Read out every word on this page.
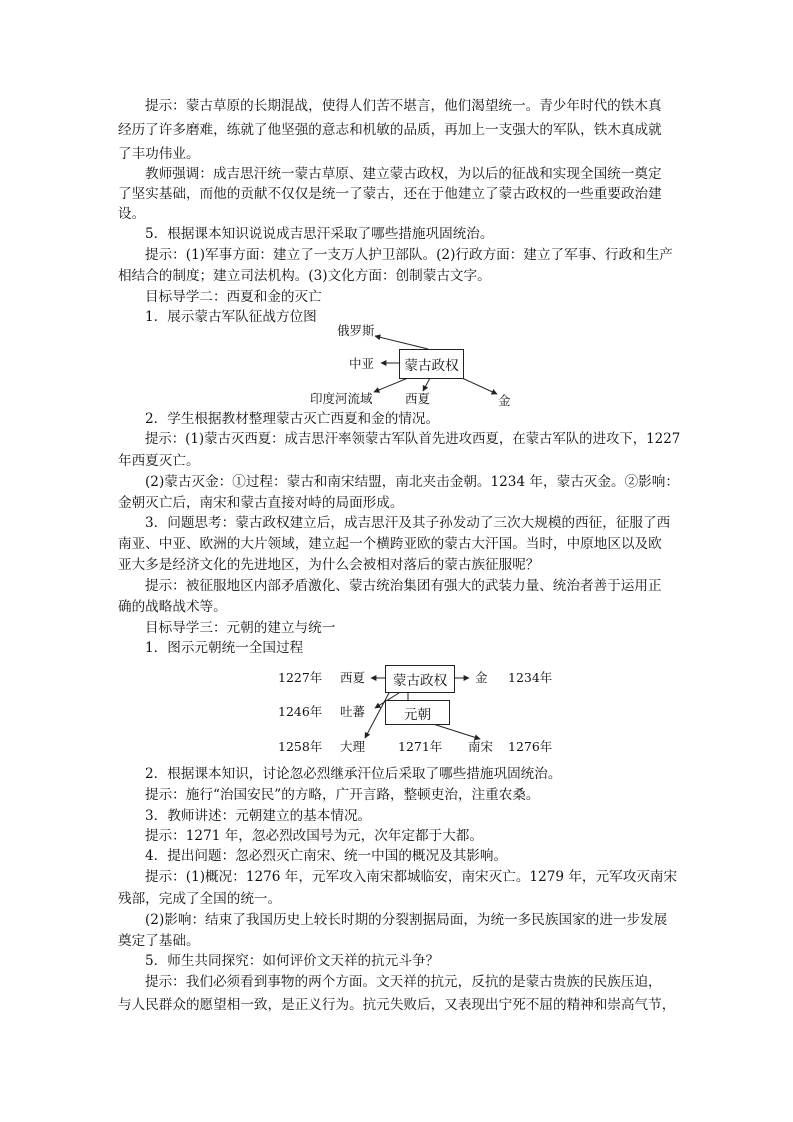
提示：蒙古草原的长期混战，使得人们苦不堪言，他们渴望统一。青少年时代的铁木真
经历了许多磨难，练就了他坚强的意志和机敏的品质，再加上一支强大的军队，铁木真成就
了丰功伟业。
教师强调：成吉思汗统一蒙古草原、建立蒙古政权，为以后的征战和实现全国统一奠定
了坚实基础，而他的贡献不仅仅是统一了蒙古，还在于他建立了蒙古政权的一些重要政治建
设。
5．根据课本知识说说成吉思汗采取了哪些措施巩固统治。
提示：(1)军事方面：建立了一支万人护卫部队。(2)行政方面：建立了军事、行政和生产
相结合的制度；建立司法机构。(3)文化方面：创制蒙古文字。
目标导学二：西夏和金的灭亡
1．展示蒙古军队征战方位图
俄罗斯
中亚	蒙古政权
印度河流域	西夏	金
2．学生根据教材整理蒙古灭亡西夏和金的情况。
提示：(1)蒙古灭西夏：成吉思汗率领蒙古军队首先进攻西夏，在蒙古军队的进攻下，1227
年西夏灭亡。
(2)蒙古灭金：①过程：蒙古和南宋结盟，南北夹击金朝。1234 年，蒙古灭金。②影响：
金朝灭亡后，南宋和蒙古直接对峙的局面形成。
3．问题思考：蒙古政权建立后，成吉思汗及其子孙发动了三次大规模的西征，征服了西
南亚、中亚、欧洲的大片领域，建立起一个横跨亚欧的蒙古大汗国。当时，中原地区以及欧
亚大多是经济文化的先进地区，为什么会被相对落后的蒙古族征服呢？
提示：被征服地区内部矛盾激化、蒙古统治集团有强大的武装力量、统治者善于运用正
确的战略战术等。
目标导学三：元朝的建立与统一
1．图示元朝统一全国过程
1227年 西夏	蒙古政权	金 1234年
1246年 吐蕃	元朝
1258年 大理	1271年 南宋 1276年
2．根据课本知识，讨论忽必烈继承汗位后采取了哪些措施巩固统治。
提示：施行“治国安民”的方略，广开言路，整顿吏治，注重农桑。
3．教师讲述：元朝建立的基本情况。
提示：1271 年，忽必烈改国号为元，次年定都于大都。
4．提出问题：忽必烈灭亡南宋、统一中国的概况及其影响。
提示：(1)概况：1276 年，元军攻入南宋都城临安，南宋灭亡。1279 年，元军攻灭南宋
残部，完成了全国的统一。
(2)影响：结束了我国历史上较长时期的分裂割据局面，为统一多民族国家的进一步发展
奠定了基础。
5．师生共同探究：如何评价文天祥的抗元斗争？
提示：我们必须看到事物的两个方面。文天祥的抗元，反抗的是蒙古贵族的民族压迫，
与人民群众的愿望相一致，是正义行为。抗元失败后，又表现出宁死不屈的精神和崇高气节，
